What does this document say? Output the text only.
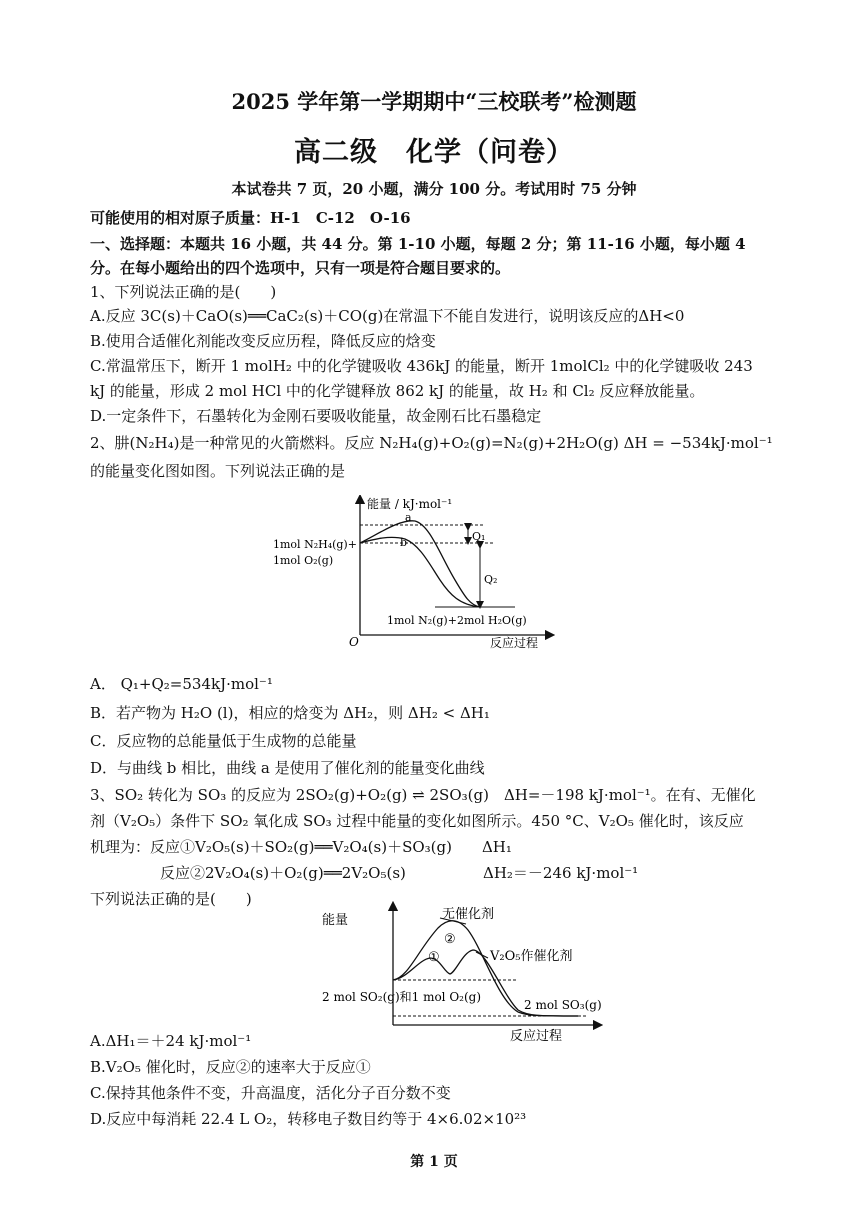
2025 学年第一学期期中“三校联考”检测题
高二级　化学（问卷）
本试卷共 7 页，20 小题，满分 100 分。考试用时 75 分钟
可能使用的相对原子质量：H-1　C-12　O-16
一、选择题：本题共 16 小题，共 44 分。第 1-10 小题，每题 2 分；第 11-16 小题，每小题 4
分。在每小题给出的四个选项中，只有一项是符合题目要求的。
1、下列说法正确的是(　　)
A.反应 3C(s)＋CaO(s)══CaC₂(s)＋CO(g)在常温下不能自发进行，说明该反应的ΔH<0
B.使用合适催化剂能改变反应历程，降低反应的焓变
C.常温常压下，断开 1 molH₂ 中的化学键吸收 436kJ 的能量，断开 1molCl₂ 中的化学键吸收 243
kJ 的能量，形成 2 mol HCl 中的化学键释放 862 kJ 的能量，故 H₂ 和 Cl₂ 反应释放能量。
D.一定条件下，石墨转化为金刚石要吸收能量，故金刚石比石墨稳定
2、肼(N₂H₄)是一种常见的火箭燃料。反应 N₂H₄(g)+O₂(g)=N₂(g)+2H₂O(g) ΔH = −534kJ·mol⁻¹
的能量变化图如图。下列说法正确的是
能量 / kJ·mol⁻¹
1mol N₂H₄(g)+
1mol O₂(g)
a
b	Q₁
Q₂
1mol N₂(g)+2mol H₂O(g)
O	反应过程
A． Q₁+Q₂=534kJ·mol⁻¹
B．若产物为 H₂O (l)，相应的焓变为 ΔH₂，则 ΔH₂ < ΔH₁
C．反应物的总能量低于生成物的总能量
D．与曲线 b 相比，曲线 a 是使用了催化剂的能量变化曲线
3、SO₂ 转化为 SO₃ 的反应为 2SO₂(g)+O₂(g) ⇌ 2SO₃(g)　ΔH=－198 kJ·mol⁻¹。在有、无催化
剂（V₂O₅）条件下 SO₂ 氧化成 SO₃ 过程中能量的变化如图所示。450 °C、V₂O₅ 催化时，该反应
机理为：反应①V₂O₅(s)＋SO₂(g)══V₂O₄(s)＋SO₃(g)　　ΔH₁
反应②2V₂O₄(s)＋O₂(g)══2V₂O₅(s)	ΔH₂＝－246 kJ·mol⁻¹
下列说法正确的是(　　)
能量	无催化剂
V₂O₅作催化剂
②
①
2 mol SO₂(g)和1 mol O₂(g)
2 mol SO₃(g)
反应过程
A.ΔH₁＝＋24 kJ·mol⁻¹
B.V₂O₅ 催化时，反应②的速率大于反应①
C.保持其他条件不变，升高温度，活化分子百分数不变
D.反应中每消耗 22.4 L O₂，转移电子数目约等于 4×6.02×10²³
第 1 页
